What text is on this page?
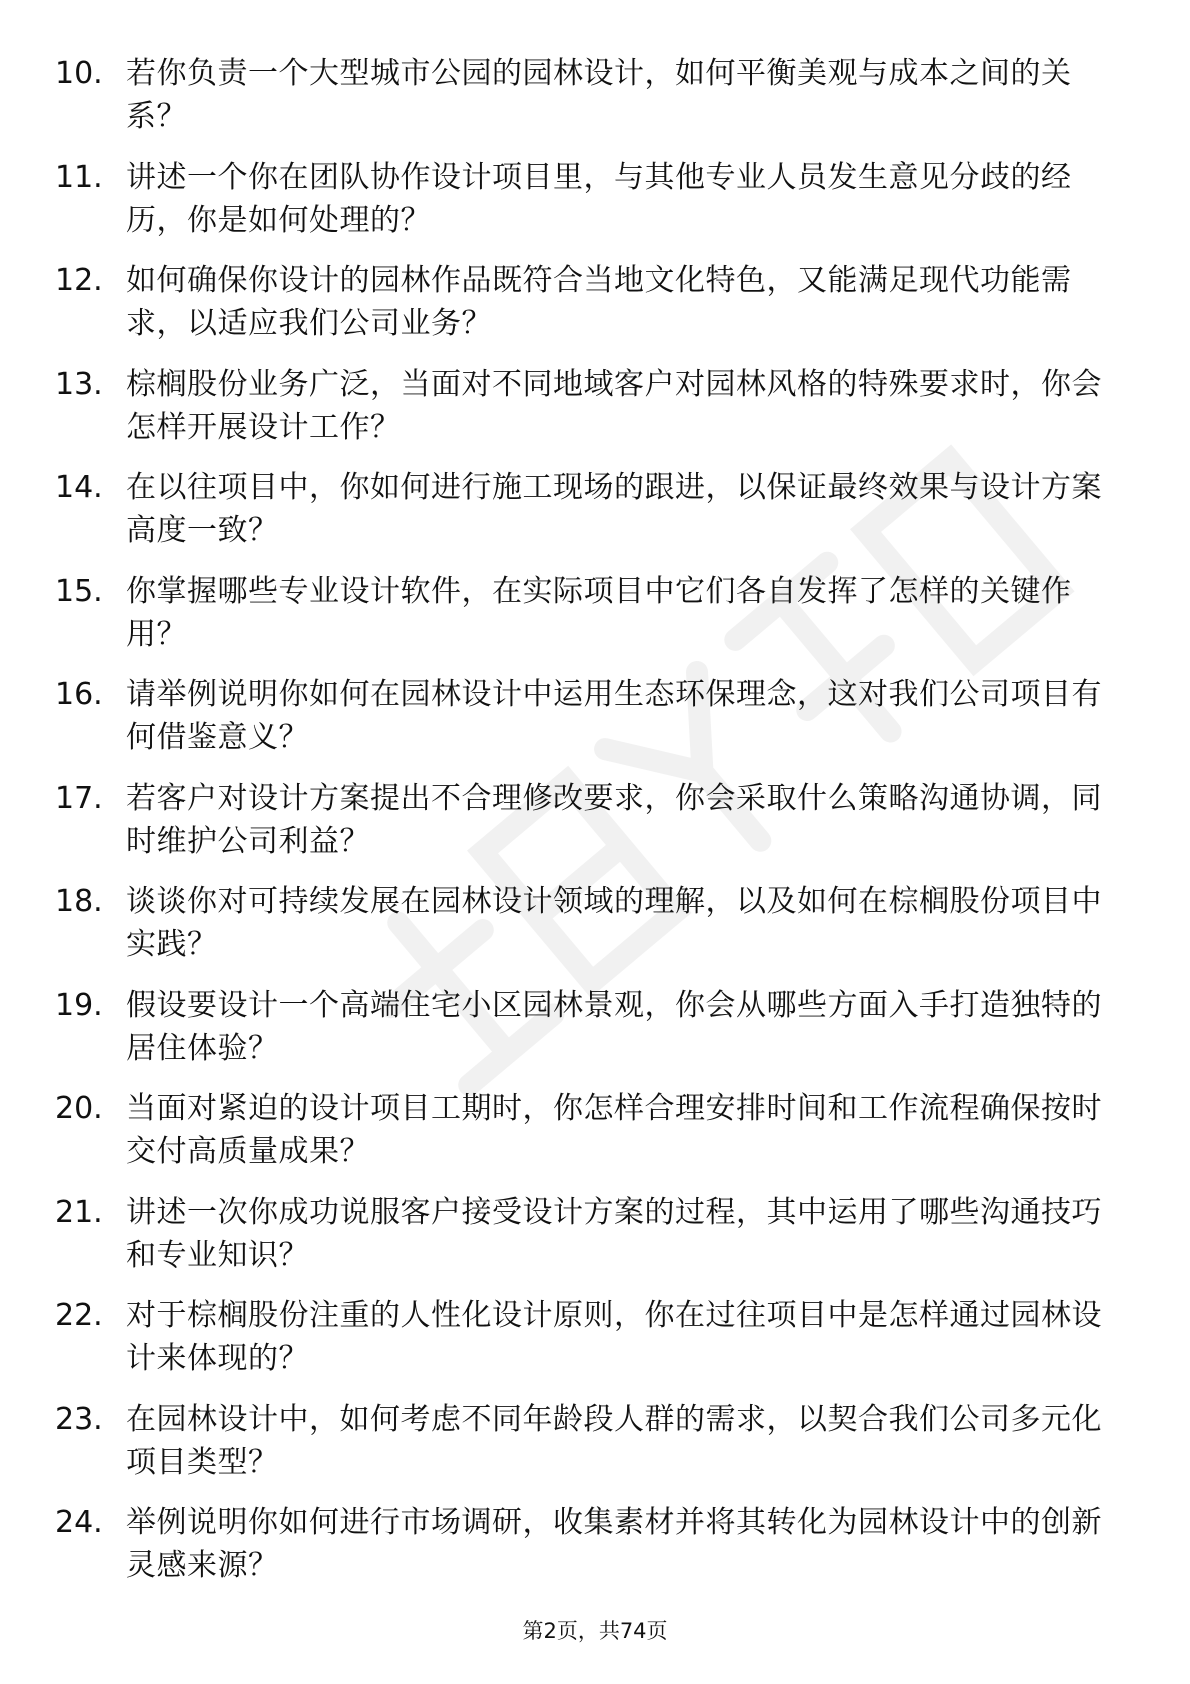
10. 若你负责一个大型城市公园的园林设计，如何平衡美观与成本之间的关系？
11. 讲述一个你在团队协作设计项目里，与其他专业人员发生意见分歧的经历，你是如何处理的？
12. 如何确保你设计的园林作品既符合当地文化特色，又能满足现代功能需求，以适应我们公司业务？
13. 棕榈股份业务广泛，当面对不同地域客户对园林风格的特殊要求时，你会怎样开展设计工作？
14. 在以往项目中，你如何进行施工现场的跟进，以保证最终效果与设计方案高度一致？
15. 你掌握哪些专业设计软件，在实际项目中它们各自发挥了怎样的关键作用？
16. 请举例说明你如何在园林设计中运用生态环保理念，这对我们公司项目有何借鉴意义？
17. 若客户对设计方案提出不合理修改要求，你会采取什么策略沟通协调，同时维护公司利益？
18. 谈谈你对可持续发展在园林设计领域的理解，以及如何在棕榈股份项目中实践？
19. 假设要设计一个高端住宅小区园林景观，你会从哪些方面入手打造独特的居住体验？
20. 当面对紧迫的设计项目工期时，你怎样合理安排时间和工作流程确保按时交付高质量成果？
21. 讲述一次你成功说服客户接受设计方案的过程，其中运用了哪些沟通技巧和专业知识？
22. 对于棕榈股份注重的人性化设计原则，你在过往项目中是怎样通过园林设计来体现的？
23. 在园林设计中，如何考虑不同年龄段人群的需求，以契合我们公司多元化项目类型？
24. 举例说明你如何进行市场调研，收集素材并将其转化为园林设计中的创新灵感来源？
第2页，共74页
